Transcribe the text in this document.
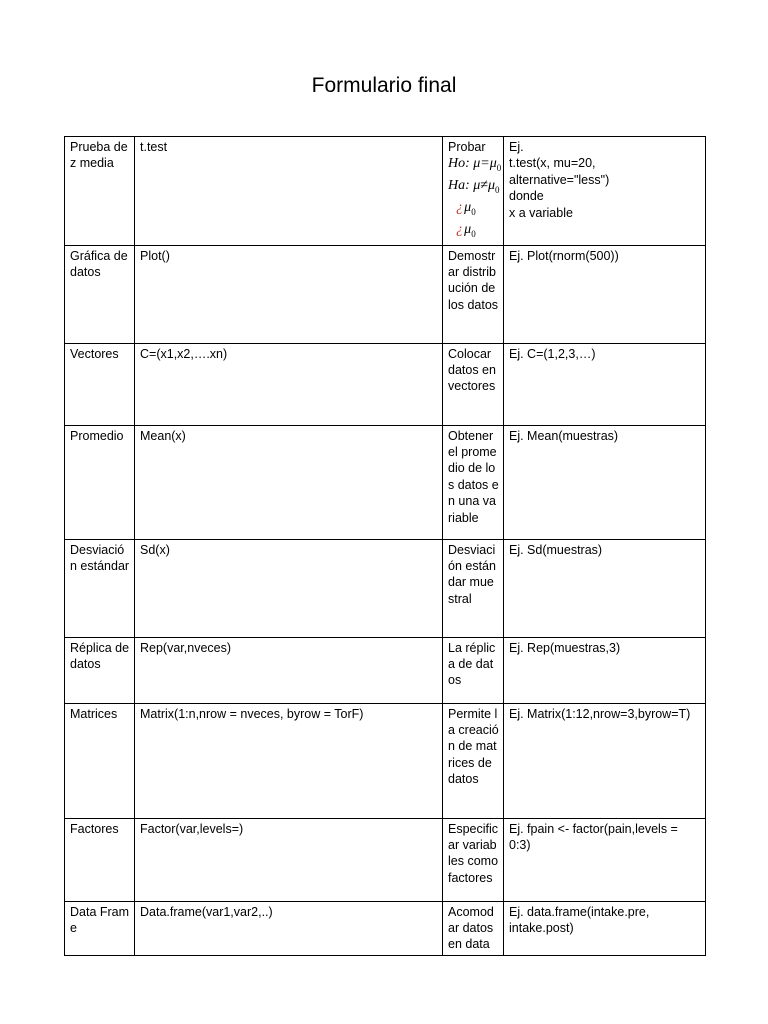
Formulario final
Prueba de z media	t.test	Probar
Ho: $\mu=\mu_0$
Ha: $\mu\ne\mu_0$
¿ $\mu_0$
¿ $\mu_0$	Ej.
t.test(x, mu=20,
alternative="less")
donde
x a variable

Gráfica de datos	Plot()	Demostrar distribución de los datos	Ej. Plot(rnorm(500))
Vectores	C=(x1,x2,….xn)	Colocar datos en vectores	Ej. C=(1,2,3,…)
Promedio	Mean(x)	Obtener el promedio de los datos en una variable	Ej. Mean(muestras)
Desviación estándar	Sd(x)	Desviación estándar muestral	Ej. Sd(muestras)
Réplica de datos	Rep(var,nveces)	La réplica de datos	Ej. Rep(muestras,3)
Matrices	Matrix(1:n,nrow = nveces, byrow = TorF)	Permite la creación de matrices de datos	Ej. Matrix(1:12,nrow=3,byrow=T)
Factores	Factor(var,levels=)	Especificar variables como factores	Ej. fpain <- factor(pain,levels = 0:3)
Data Frame	Data.frame(var1,var2,..)	Acomodar datos en data	Ej. data.frame(intake.pre, intake.post)
